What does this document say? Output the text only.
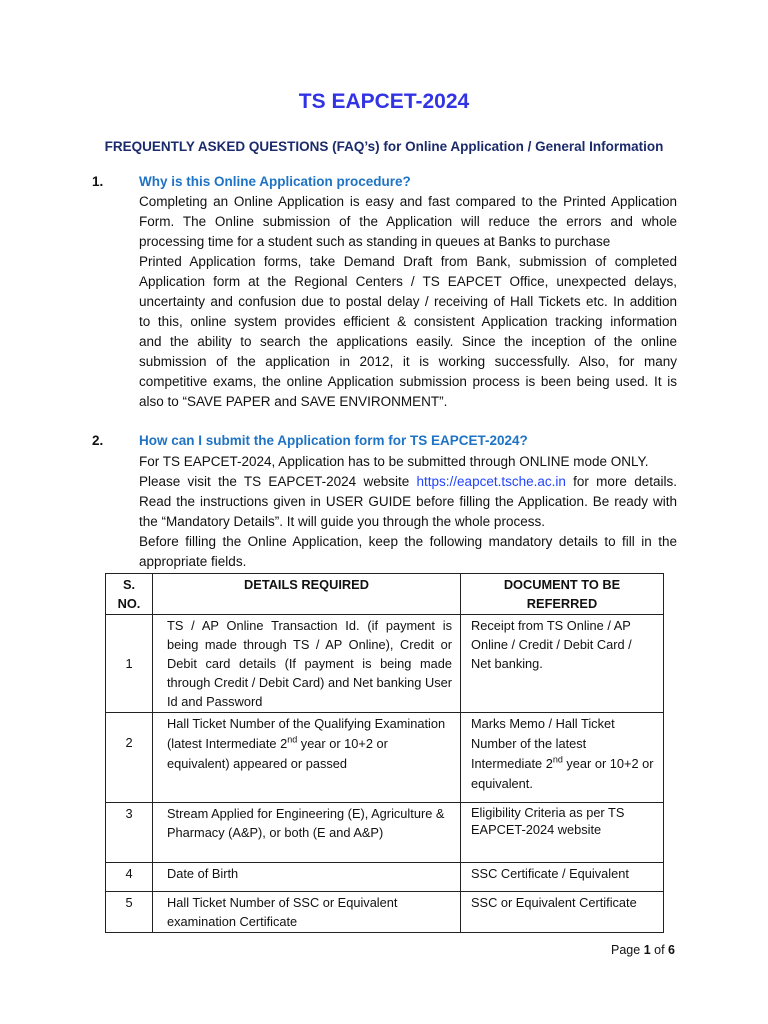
TS EAPCET-2024
FREQUENTLY ASKED QUESTIONS (FAQ’s) for Online Application / General Information
1.	Why is this Online Application procedure?
Completing an Online Application is easy and fast compared to the Printed Application
Form. The Online submission of the Application will reduce the errors and whole
processing time for a student such as standing in queues at Banks to purchase
Printed Application forms, take Demand Draft from Bank, submission of completed
Application form at the Regional Centers / TS EAPCET Office, unexpected delays,
uncertainty and confusion due to postal delay / receiving of Hall Tickets etc. In addition
to this, online system provides efficient & consistent Application tracking information
and the ability to search the applications easily. Since the inception of the online
submission of the application in 2012, it is working successfully. Also, for many
competitive exams, the online Application submission process is been being used. It is
also to “SAVE PAPER and SAVE ENVIRONMENT”.
2.	How can I submit the Application form for TS EAPCET-2024?
For TS EAPCET-2024, Application has to be submitted through ONLINE mode ONLY.
Please visit the TS EAPCET-2024 website https://eapcet.tsche.ac.in for more details.
Read the instructions given in USER GUIDE before filling the Application. Be ready with
the “Mandatory Details”. It will guide you through the whole process.
Before filling the Online Application, keep the following mandatory details to fill in the
appropriate fields.
S. NO.	DETAILS REQUIRED	DOCUMENT TO BE REFERRED
1	TS / AP Online Transaction Id. (if payment is being made through TS / AP Online), Credit or Debit card details (If payment is being made through Credit / Debit Card) and Net banking User Id and Password	Receipt from TS Online / AP Online / Credit / Debit Card / Net banking.
2	Hall Ticket Number of the Qualifying Examination (latest Intermediate 2nd year or 10+2 or equivalent) appeared or passed	Marks Memo / Hall Ticket Number of the latest Intermediate 2nd year or 10+2 or equivalent.
3	Stream Applied for Engineering (E), Agriculture & Pharmacy (A&P), or both (E and A&P)	Eligibility Criteria as per TS EAPCET-2024 website
4	Date of Birth	SSC Certificate / Equivalent
5	Hall Ticket Number of SSC or Equivalent examination Certificate	SSC or Equivalent Certificate
Page 1 of 6
